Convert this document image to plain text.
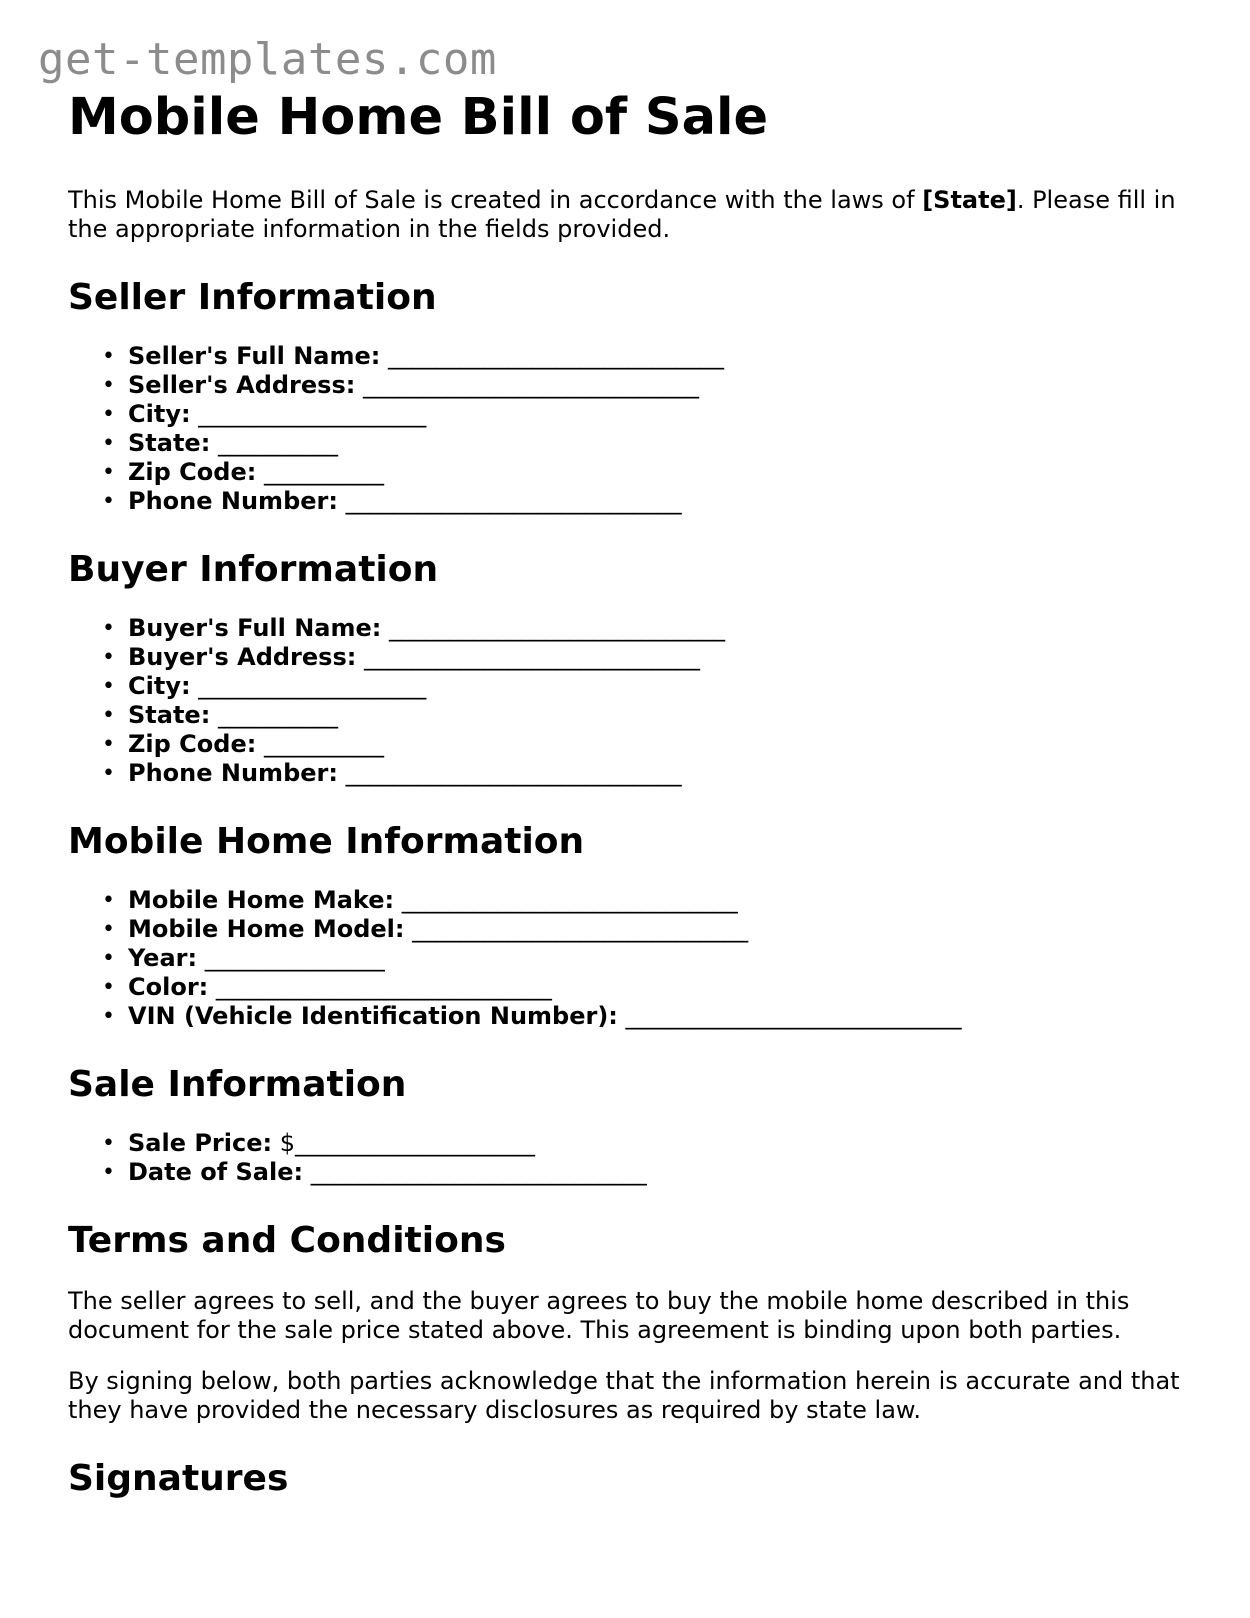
get-templates.com
Mobile Home Bill of Sale

This Mobile Home Bill of Sale is created in accordance with the laws of [State]. Please fill in the appropriate information in the fields provided.

Seller Information
• Seller's Full Name: ____________________________
• Seller's Address: ____________________________
• City: ___________________
• State: __________
• Zip Code: __________
• Phone Number: ____________________________
Buyer Information
• Buyer's Full Name: ____________________________
• Buyer's Address: ____________________________
• City: ___________________
• State: __________
• Zip Code: __________
• Phone Number: ____________________________
Mobile Home Information
• Mobile Home Make: ____________________________
• Mobile Home Model: ____________________________
• Year: _______________
• Color: ____________________________
• VIN (Vehicle Identification Number): ____________________________
Sale Information
• Sale Price: $____________________
• Date of Sale: ____________________________
Terms and Conditions

The seller agrees to sell, and the buyer agrees to buy the mobile home described in this document for the sale price stated above. This agreement is binding upon both parties.

By signing below, both parties acknowledge that the information herein is accurate and that they have provided the necessary disclosures as required by state law.

Signatures
